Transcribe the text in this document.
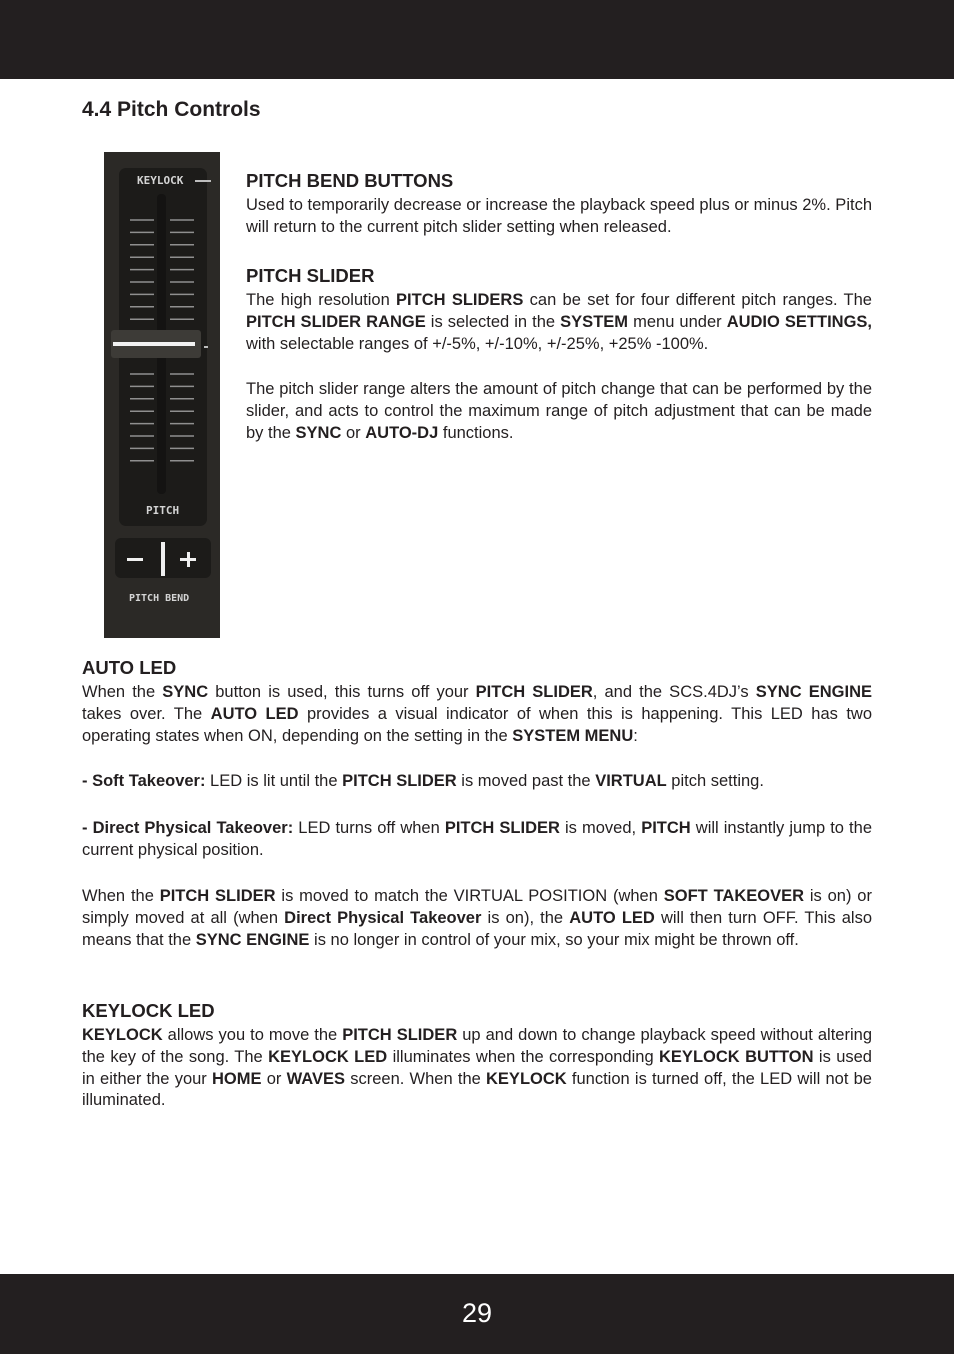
4.4 Pitch Controls
KEYLOCK
PITCH
PITCH BEND
PITCH BEND BUTTONS

Used to temporarily decrease or increase the playback speed plus or minus 2%. Pitch will return to the current pitch slider setting when released.

PITCH SLIDER

The high resolution PITCH SLIDERS can be set for four different pitch ranges. The PITCH SLIDER RANGE is selected in the SYSTEM menu under AUDIO SETTINGS, with selectable ranges of +/-5%, +/-10%, +/-25%, +25% -100%.

The pitch slider range alters the amount of pitch change that can be performed by the slider, and acts to control the maximum range of pitch adjustment that can be made by the SYNC or AUTO-DJ functions.

AUTO LED

When the SYNC button is used, this turns off your PITCH SLIDER, and the SCS.4DJ’s SYNC ENGINE takes over. The AUTO LED provides a visual indicator of when this is happening. This LED has two operating states when ON, depending on the setting in the SYSTEM MENU:

- Soft Takeover: LED is lit until the PITCH SLIDER is moved past the VIRTUAL pitch setting.

- Direct Physical Takeover: LED turns off when PITCH SLIDER is moved, PITCH will instantly jump to the current physical position.

When the PITCH SLIDER is moved to match the VIRTUAL POSITION (when SOFT TAKEOVER is on) or simply moved at all (when Direct Physical Takeover is on), the AUTO LED will then turn OFF. This also means that the SYNC ENGINE is no longer in control of your mix, so your mix might be thrown off.

KEYLOCK LED

KEYLOCK allows you to move the PITCH SLIDER up and down to change playback speed without altering the key of the song. The KEYLOCK LED illuminates when the corresponding KEYLOCK BUTTON is used in either the your HOME or WAVES screen. When the KEYLOCK function is turned off, the LED will not be illuminated.

29
